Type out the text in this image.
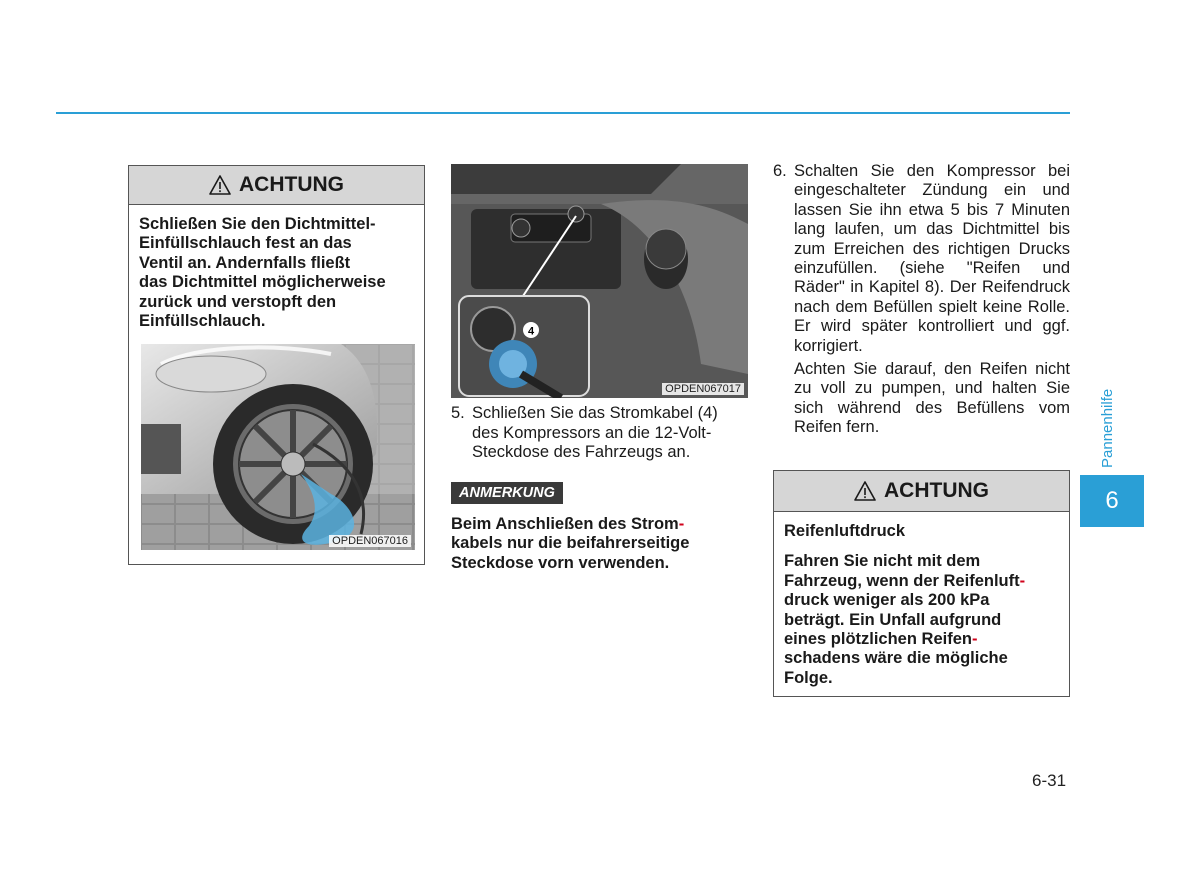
ACHTUNG
Schließen Sie den Dichtmittel-
Einfüllschlauch fest an das
Ventil an. Andernfalls fließt
das Dichtmittel möglicherweise
zurück und verstopft den
Einfüllschlauch.
OPDEN067016
4
OPDEN067017
5. Schließen Sie das Stromkabel (4)
des Kompressors an die 12-Volt-
Steckdose des Fahrzeugs an.
ANMERKUNG
Beim Anschließen des Strom-
kabels nur die beifahrerseitige
Steckdose vorn verwenden.
6. Schalten Sie den Kompressor bei eingeschalteter Zündung ein und lassen Sie ihn etwa 5 bis 7 Minuten lang laufen, um das Dichtmittel bis zum Erreichen des richtigen Drucks einzufüllen. (siehe "Reifen und Räder" in Kapitel 8). Der Reifendruck nach dem Befüllen spielt keine Rolle. Er wird später kontrolliert und ggf. korrigiert.

Achten Sie darauf, den Reifen nicht zu voll zu pumpen, und halten Sie sich während des Befüllens vom Reifen fern.

ACHTUNG
Reifenluftdruck
Fahren Sie nicht mit dem
Fahrzeug, wenn der Reifenluft-
druck weniger als 200 kPa
beträgt. Ein Unfall aufgrund
eines plötzlichen Reifen-
schadens wäre die mögliche
Folge.
Pannenhilfe
6
6-31
